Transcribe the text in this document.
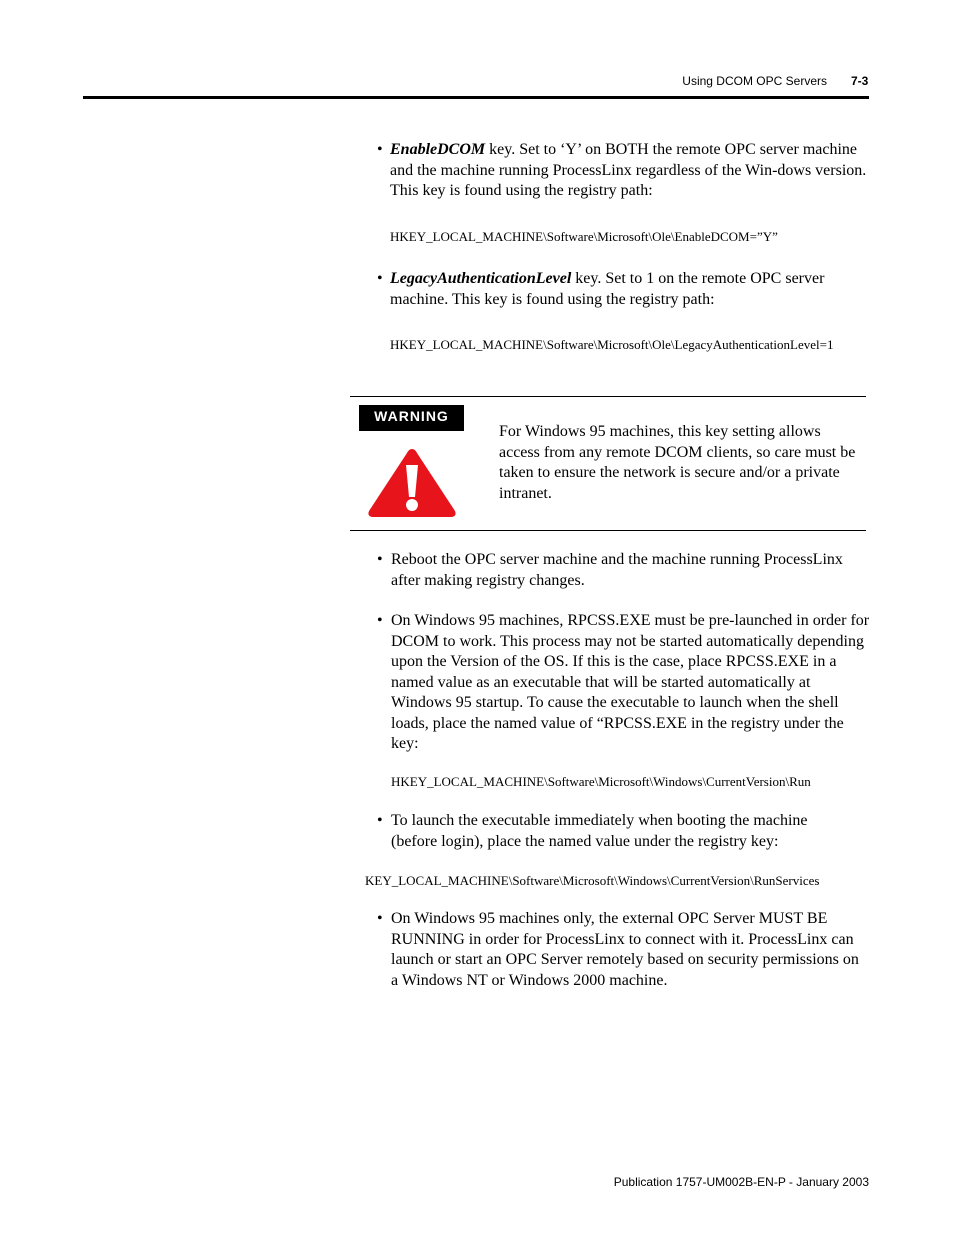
Using DCOM OPC Servers 7-3
• EnableDCOM key. Set to ‘Y’ on BOTH the remote OPC server machine and the machine running ProcessLinx regardless of the Win-dows version. This key is found using the registry path:
HKEY_LOCAL_MACHINE\Software\Microsoft\Ole\EnableDCOM=”Y”
• LegacyAuthenticationLevel key. Set to 1 on the remote OPC server machine. This key is found using the registry path:
HKEY_LOCAL_MACHINE\Software\Microsoft\Ole\LegacyAuthenticationLevel=1
WARNING
For Windows 95 machines, this key setting allows access from any remote DCOM clients, so care must be taken to ensure the network is secure and/or a private intranet.
• Reboot the OPC server machine and the machine running ProcessLinx after making registry changes.
• On Windows 95 machines, RPCSS.EXE must be pre-launched in order for DCOM to work. This process may not be started automatically depending upon the Version of the OS. If this is the case, place RPCSS.EXE in a named value as an executable that will be started automatically at Windows 95 startup. To cause the executable to launch when the shell loads, place the named value of “RPCSS.EXE in the registry under the key:
HKEY_LOCAL_MACHINE\Software\Microsoft\Windows\CurrentVersion\Run
• To launch the executable immediately when booting the machine (before login), place the named value under the registry key:
KEY_LOCAL_MACHINE\Software\Microsoft\Windows\CurrentVersion\RunServices
• On Windows 95 machines only, the external OPC Server MUST BE RUNNING in order for ProcessLinx to connect with it. ProcessLinx can launch or start an OPC Server remotely based on security permissions on a Windows NT or Windows 2000 machine.
Publication 1757-UM002B-EN-P - January 2003
